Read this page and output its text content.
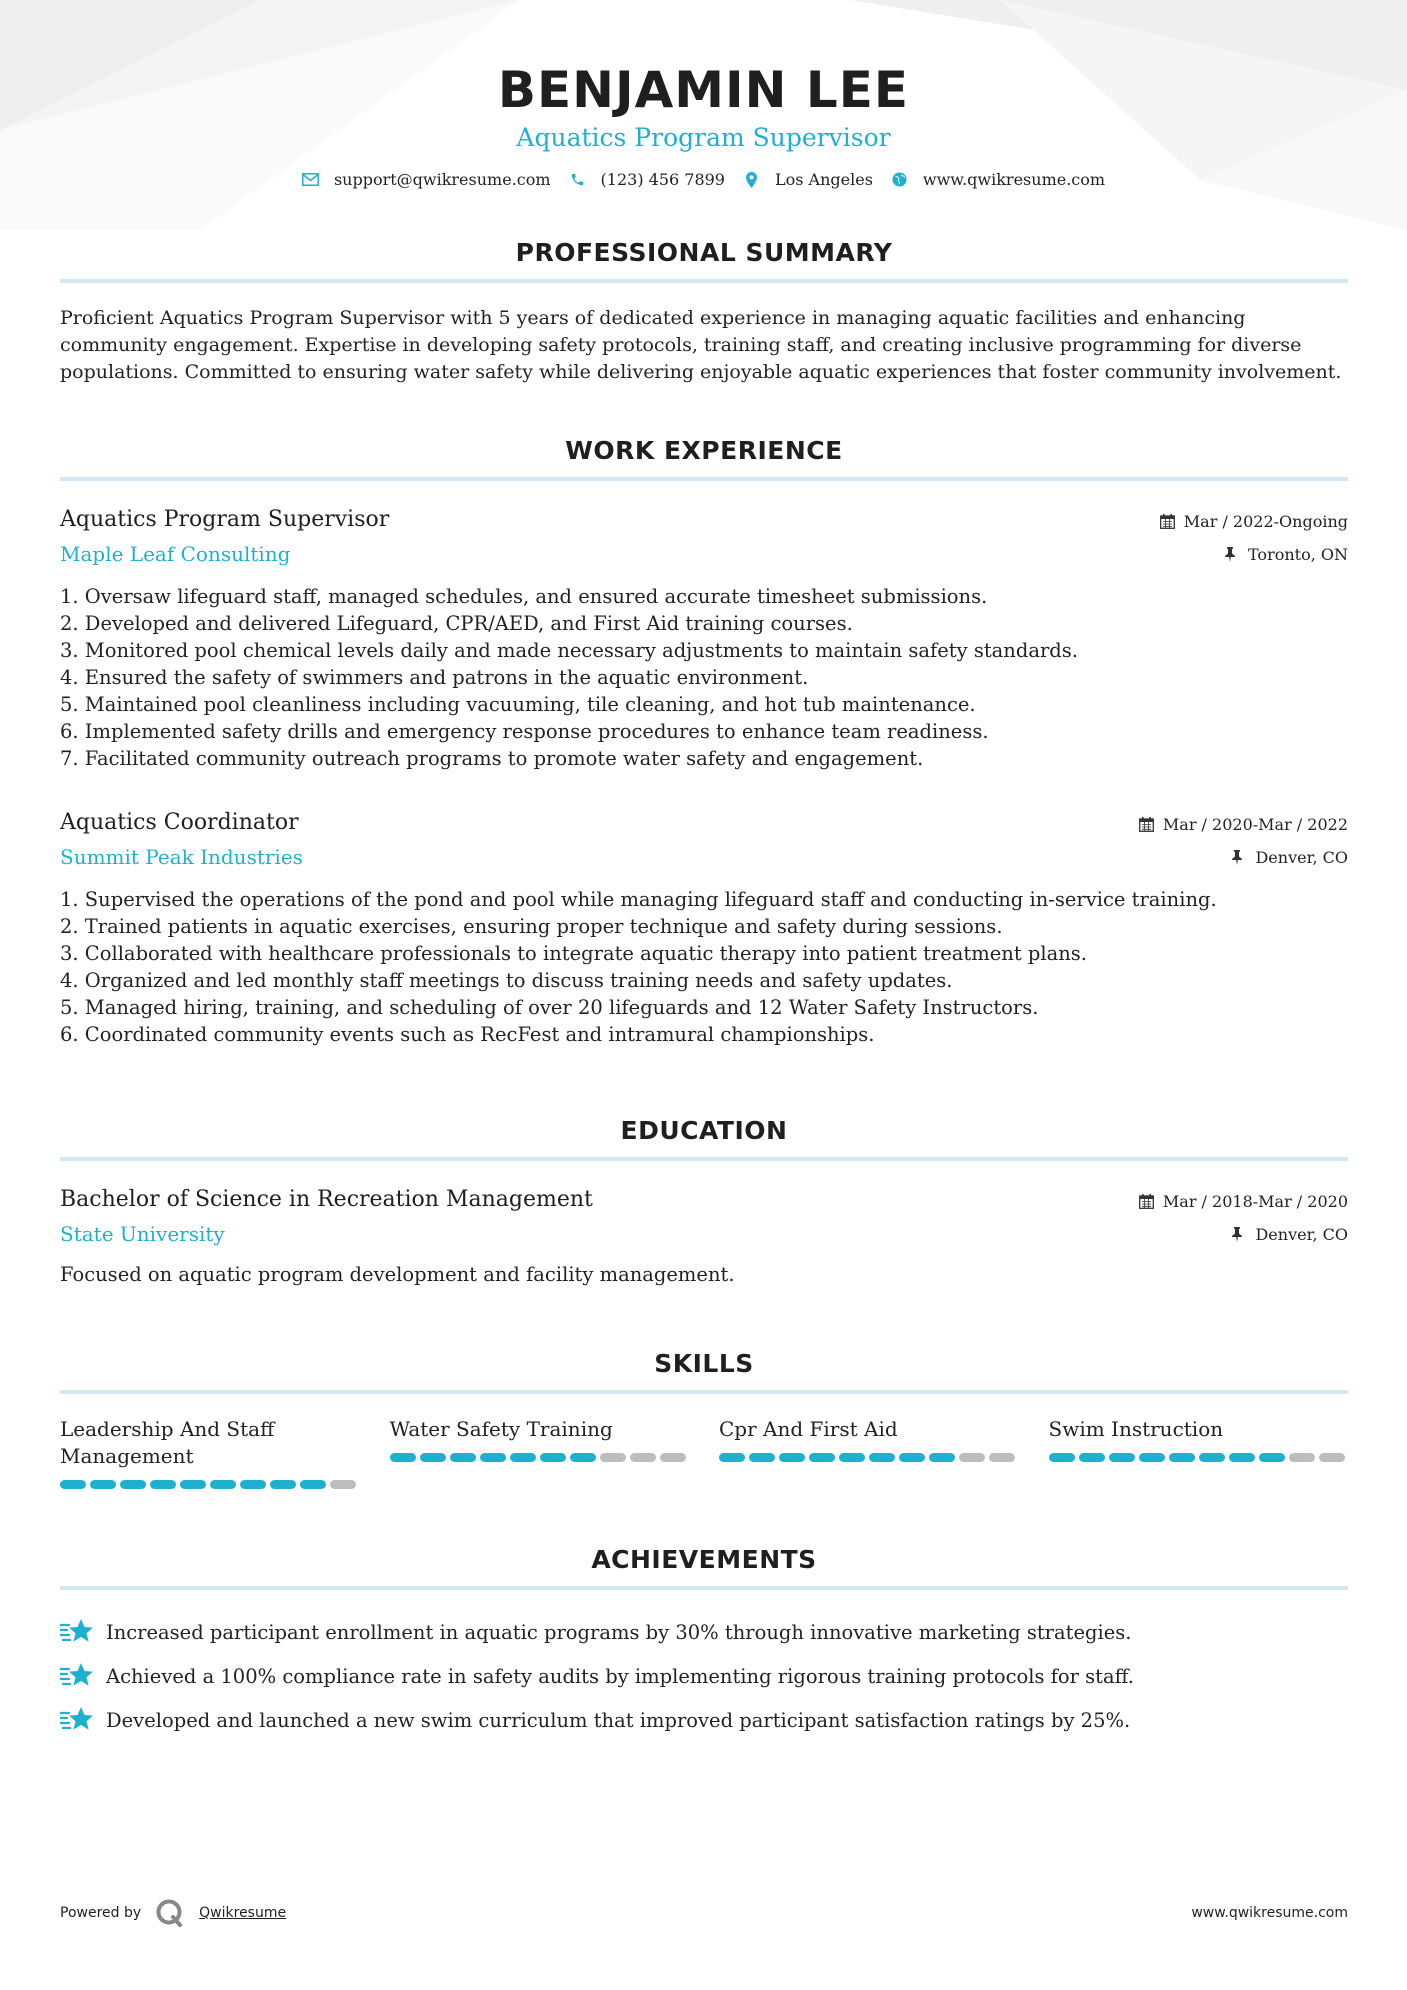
BENJAMIN LEE
Aquatics Program Supervisor
support@qwikresume.com	(123) 456 7899	Los Angeles	www.qwikresume.com
PROFESSIONAL SUMMARY
Proficient Aquatics Program Supervisor with 5 years of dedicated experience in managing aquatic facilities and enhancing
community engagement. Expertise in developing safety protocols, training staff, and creating inclusive programming for diverse
populations. Committed to ensuring water safety while delivering enjoyable aquatic experiences that foster community involvement.
WORK EXPERIENCE
Aquatics Program Supervisor
Maple Leaf Consulting
Mar / 2022-Ongoing
Toronto, ON
1. Oversaw lifeguard staff, managed schedules, and ensured accurate timesheet submissions.
2. Developed and delivered Lifeguard, CPR/AED, and First Aid training courses.
3. Monitored pool chemical levels daily and made necessary adjustments to maintain safety standards.
4. Ensured the safety of swimmers and patrons in the aquatic environment.
5. Maintained pool cleanliness including vacuuming, tile cleaning, and hot tub maintenance.
6. Implemented safety drills and emergency response procedures to enhance team readiness.
7. Facilitated community outreach programs to promote water safety and engagement.
Aquatics Coordinator
Summit Peak Industries
Mar / 2020-Mar / 2022
Denver, CO
1. Supervised the operations of the pond and pool while managing lifeguard staff and conducting in-service training.
2. Trained patients in aquatic exercises, ensuring proper technique and safety during sessions.
3. Collaborated with healthcare professionals to integrate aquatic therapy into patient treatment plans.
4. Organized and led monthly staff meetings to discuss training needs and safety updates.
5. Managed hiring, training, and scheduling of over 20 lifeguards and 12 Water Safety Instructors.
6. Coordinated community events such as RecFest and intramural championships.
EDUCATION
Bachelor of Science in Recreation Management
State University
Mar / 2018-Mar / 2020
Denver, CO
Focused on aquatic program development and facility management.
SKILLS
Leadership And Staff Management
Water Safety Training	Cpr And First Aid	Swim Instruction
ACHIEVEMENTS
Increased participant enrollment in aquatic programs by 30% through innovative marketing strategies.
Achieved a 100% compliance rate in safety audits by implementing rigorous training protocols for staff.
Developed and launched a new swim curriculum that improved participant satisfaction ratings by 25%.
Powered by	Qwikresume	www.qwikresume.com
